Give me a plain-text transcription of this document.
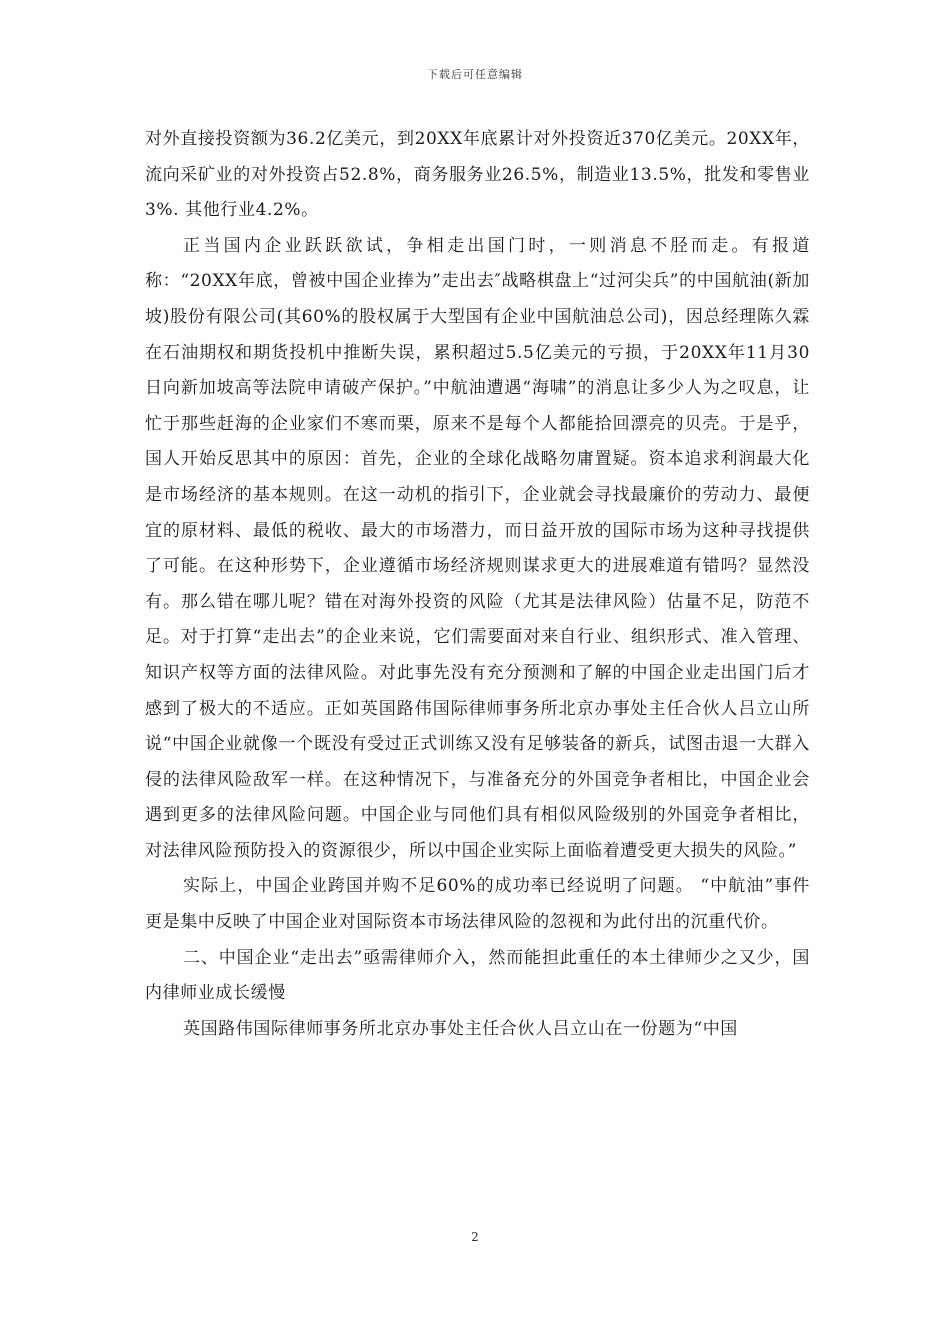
下载后可任意编辑

对外直接投资额为36.2亿美元，到20XX年底累计对外投资近370亿美元。20XX年，流向采矿业的对外投资占52.8%，商务服务业26.5%，制造业13.5%，批发和零售业3%. 其他行业4.2%。

正当国内企业跃跃欲试，争相走出国门时，一则消息不胫而走。有报道称：“20XX年底，曾被中国企业捧为”走出去″战略棋盘上“过河尖兵”的中国航油(新加坡)股份有限公司(其60%的股权属于大型国有企业中国航油总公司)，因总经理陈久霖在石油期权和期货投机中推断失误，累积超过5.5亿美元的亏损，于20XX年11月30日向新加坡高等法院申请破产保护。”中航油遭遇“海啸”的消息让多少人为之叹息，让忙于那些赶海的企业家们不寒而栗，原来不是每个人都能拾回漂亮的贝壳。于是乎，国人开始反思其中的原因：首先，企业的全球化战略勿庸置疑。资本追求利润最大化是市场经济的基本规则。在这一动机的指引下，企业就会寻找最廉价的劳动力、最便宜的原材料、最低的税收、最大的市场潜力，而日益开放的国际市场为这种寻找提供了可能。在这种形势下，企业遵循市场经济规则谋求更大的进展难道有错吗？显然没有。那么错在哪儿呢？错在对海外投资的风险（尤其是法律风险）估量不足，防范不足。对于打算“走出去”的企业来说，它们需要面对来自行业、组织形式、准入管理、知识产权等方面的法律风险。对此事先没有充分预测和了解的中国企业走出国门后才感到了极大的不适应。正如英国路伟国际律师事务所北京办事处主任合伙人吕立山所说“中国企业就像一个既没有受过正式训练又没有足够装备的新兵，试图击退一大群入侵的法律风险敌军一样。在这种情况下，与准备充分的外国竞争者相比，中国企业会遇到更多的法律风险问题。中国企业与同他们具有相似风险级别的外国竞争者相比，对法律风险预防投入的资源很少，所以中国企业实际上面临着遭受更大损失的风险。”

实际上，中国企业跨国并购不足60%的成功率已经说明了问题。 “中航油”事件更是集中反映了中国企业对国际资本市场法律风险的忽视和为此付出的沉重代价。

二、中国企业“走出去”亟需律师介入，然而能担此重任的本土律师少之又少，国内律师业成长缓慢

英国路伟国际律师事务所北京办事处主任合伙人吕立山在一份题为“中国

2
